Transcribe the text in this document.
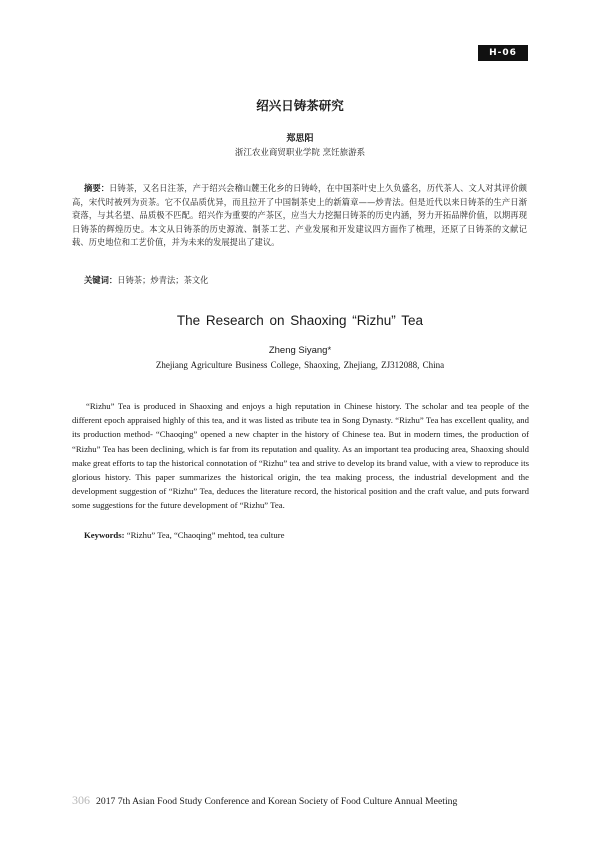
H-06
绍兴日铸茶研究
郑思阳
浙江农业商贸职业学院 烹饪旅游系
摘要：日铸茶，又名日注茶，产于绍兴会稽山麓王化乡的日铸岭，在中国茶叶史上久负盛名，历代茶人、文人对其评价颇高，宋代时被列为贡茶。它不仅品质优异，而且拉开了中国制茶史上的新篇章——炒青法。但是近代以来日铸茶的生产日渐衰落，与其名望、品质极不匹配。绍兴作为重要的产茶区，应当大力挖掘日铸茶的历史内涵，努力开拓品牌价值，以期再现日铸茶的辉煌历史。本文从日铸茶的历史源流、制茶工艺、产业发展和开发建议四方面作了梳理，还原了日铸茶的文献记载、历史地位和工艺价值，并为未来的发展提出了建议。
关键词：日铸茶；炒青法；茶文化
The Research on Shaoxing “Rizhu” Tea
Zheng Siyang*
Zhejiang Agriculture Business College, Shaoxing, Zhejiang, ZJ312088, China
“Rizhu” Tea is produced in Shaoxing and enjoys a high reputation in Chinese history. The scholar and tea people of the different epoch appraised highly of this tea, and it was listed as tribute tea in Song Dynasty. “Rizhu” Tea has excellent quality, and its production method- “Chaoqing” opened a new chapter in the history of Chinese tea. But in modern times, the production of “Rizhu” Tea has been declining, which is far from its reputation and quality. As an important tea producing area, Shaoxing should make great efforts to tap the historical connotation of “Rizhu” tea and strive to develop its brand value, with a view to reproduce its glorious history. This paper summarizes the historical origin, the tea making process, the industrial development and the development suggestion of “Rizhu” Tea, deduces the literature record, the historical position and the craft value, and puts forward some suggestions for the future development of “Rizhu” Tea.
Keywords: “Rizhu” Tea, “Chaoqing” mehtod, tea culture
306 2017 7th Asian Food Study Conference and Korean Society of Food Culture Annual Meeting
